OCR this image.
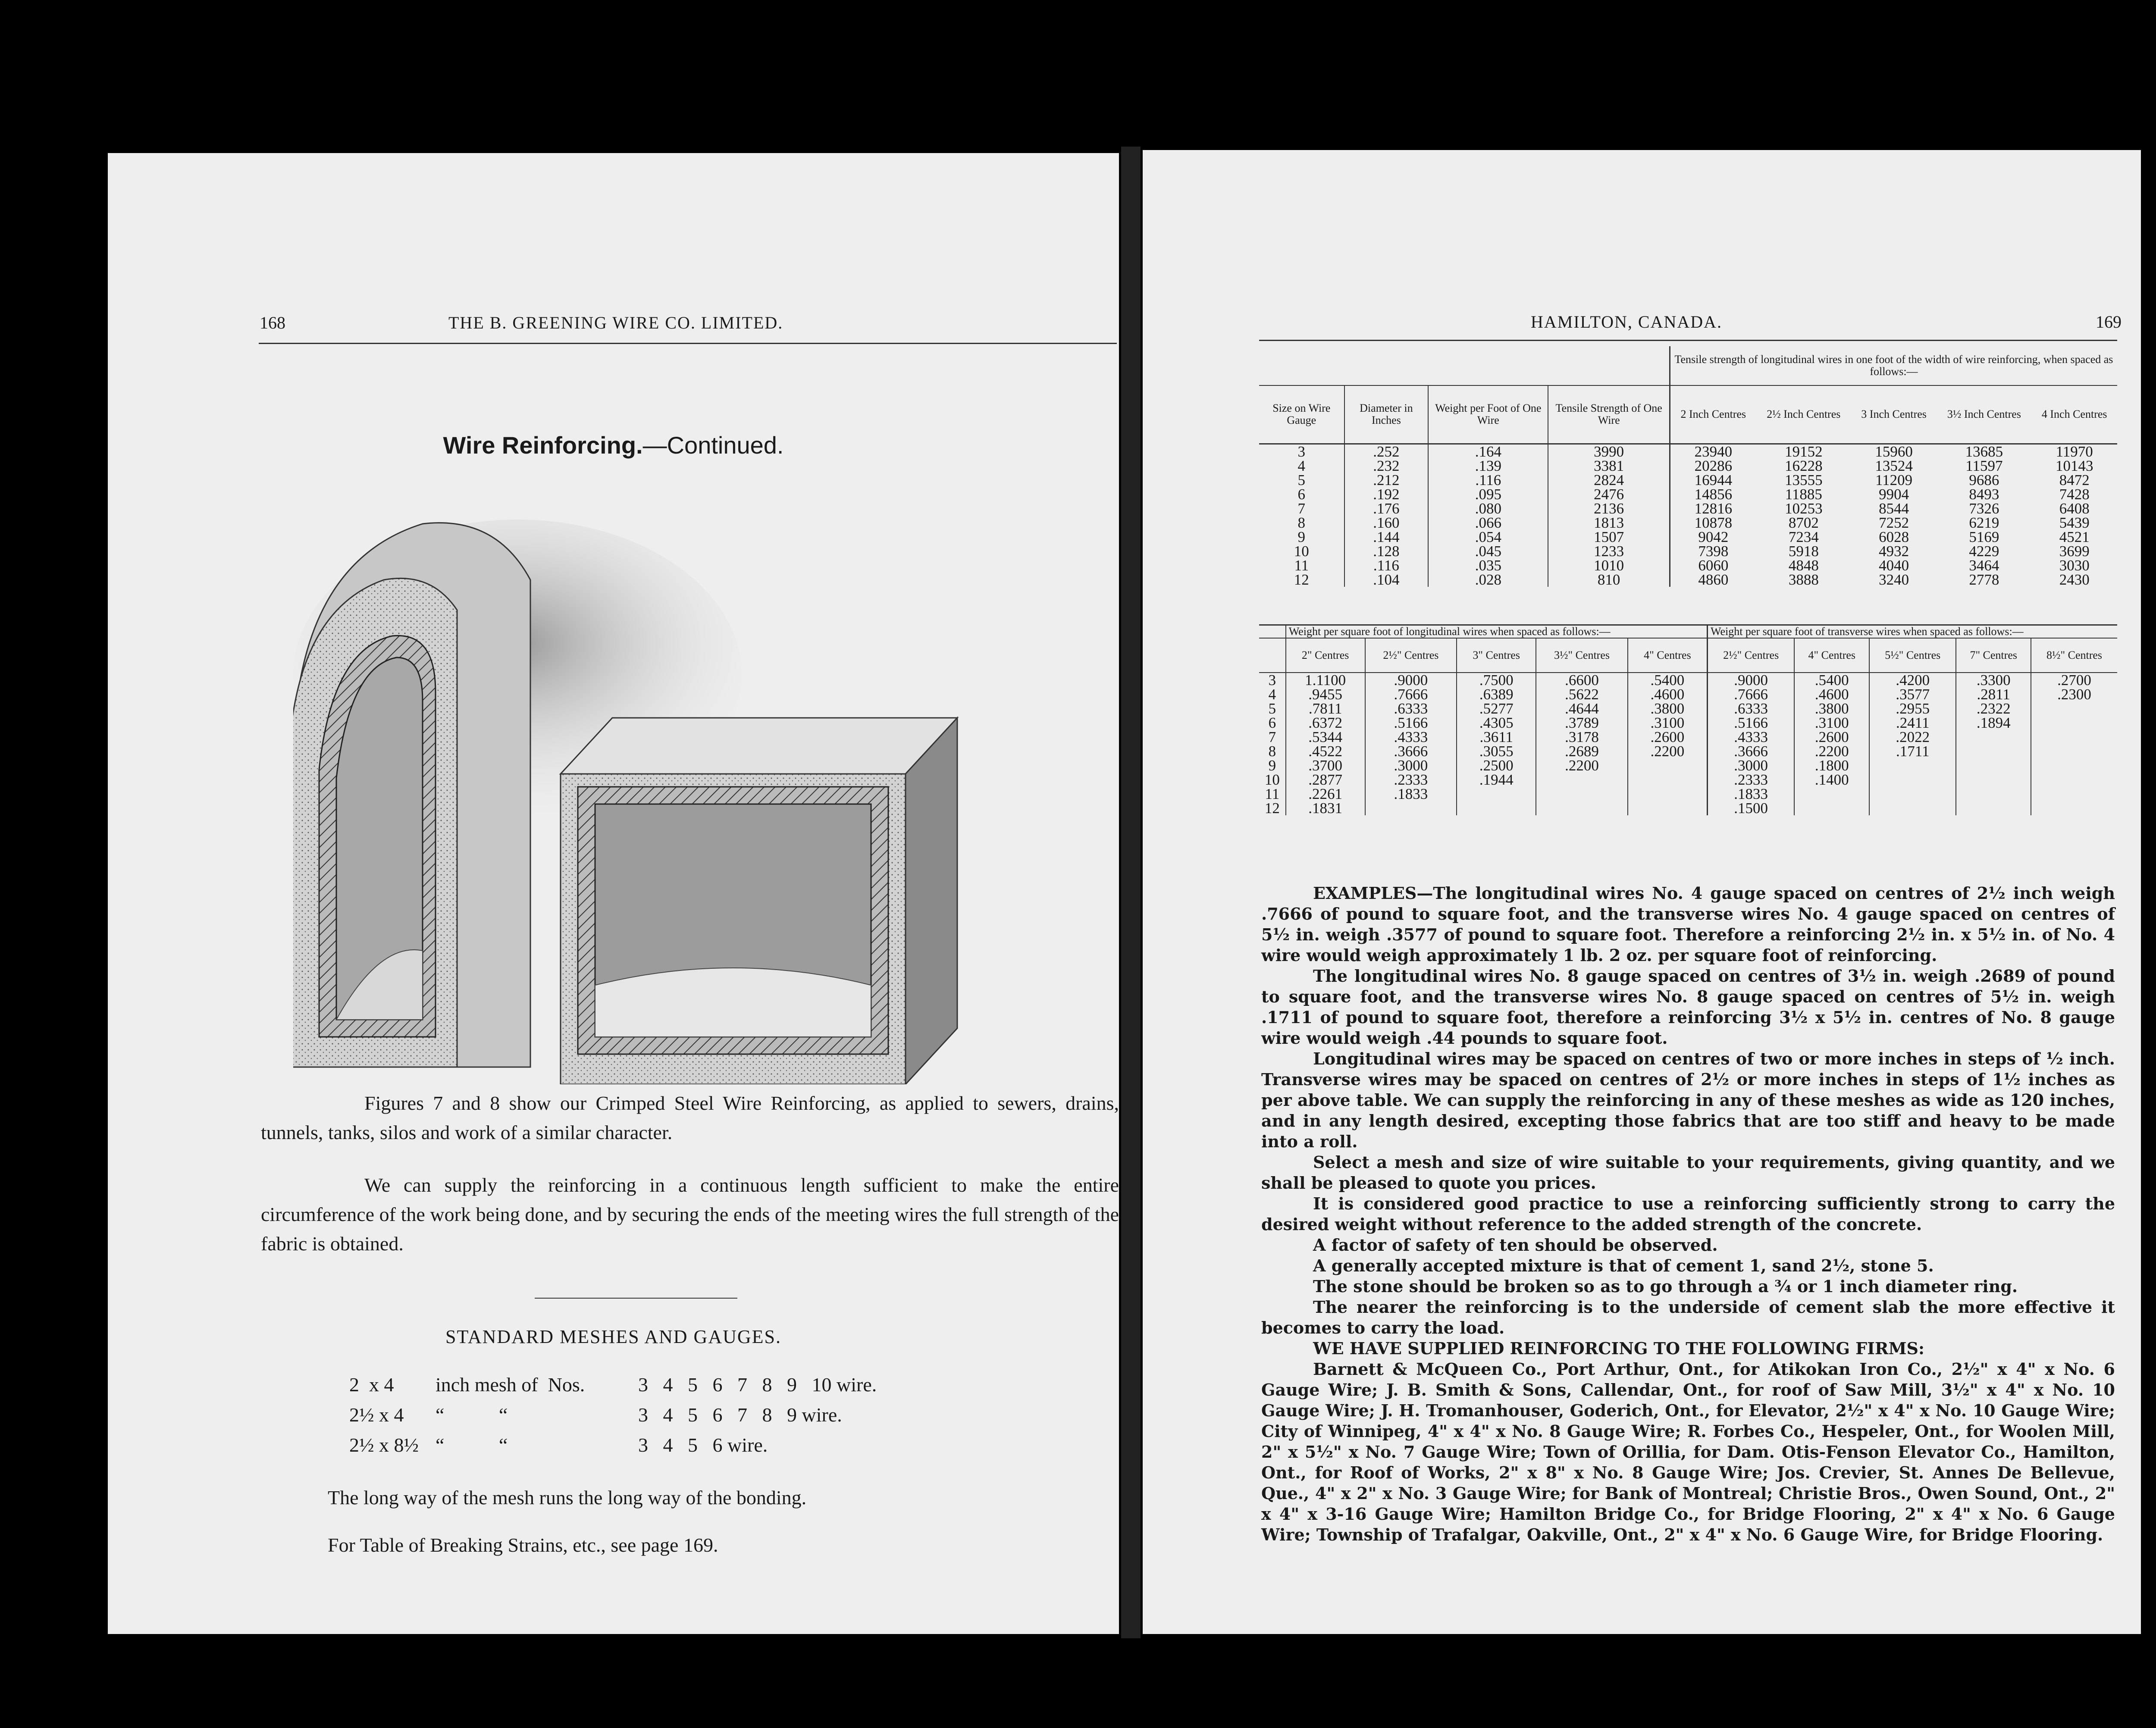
168	THE B. GREENING WIRE CO. LIMITED.
Wire Reinforcing.—Continued.
Figures 7 and 8 show our Crimped Steel Wire Reinforcing, as applied to sewers, drains, tunnels, tanks, silos and work of a similar character.
We can supply the reinforcing in a continuous length sufficient to make the entire circumference of the work being done, and by securing the ends of the meeting wires the full strength of the fabric is obtained.
STANDARD MESHES AND GAUGES.
2  x 4 inch mesh of  Nos.	3   4   5   6   7   8   9   10 wire.
2½ x 4 “           “	3   4   5   6   7   8   9 wire.
2½ x 8½ “           “	3   4   5   6 wire.
The long way of the mesh runs the long way of the bonding.
For Table of Breaking Strains, etc., see page 169.
HAMILTON, CANADA.	169
				Tensile strength of longitudinal wires in one foot of the width of wire reinforcing, when spaced as follows:—				
Size on Wire Gauge	Diameter in Inches	Weight per Foot of One Wire	Tensile Strength of One Wire	2 Inch Centres	2½ Inch Centres	3 Inch Centres	3½ Inch Centres	4 Inch Centres
3	.252	.164	3990	23940	19152	15960	13685	11970
4	.232	.139	3381	20286	16228	13524	11597	10143
5	.212	.116	2824	16944	13555	11209	9686	8472
6	.192	.095	2476	14856	11885	9904	8493	7428
7	.176	.080	2136	12816	10253	8544	7326	6408
8	.160	.066	1813	10878	8702	7252	6219	5439
9	.144	.054	1507	9042	7234	6028	5169	4521
10	.128	.045	1233	7398	5918	4932	4229	3699
11	.116	.035	1010	6060	4848	4040	3464	3030
12	.104	.028	810	4860	3888	3240	2778	2430
	Weight per square foot of longitudinal wires when spaced as follows:—					Weight per square foot of transverse wires when spaced as follows:—				
	2" Centres	2½" Centres	3" Centres	3½" Centres	4" Centres	2½" Centres	4" Centres	5½" Centres	7" Centres	8½" Centres
3	1.1100	.9000	.7500	.6600	.5400	.9000	.5400	.4200	.3300	.2700
4	.9455	.7666	.6389	.5622	.4600	.7666	.4600	.3577	.2811	.2300
5	.7811	.6333	.5277	.4644	.3800	.6333	.3800	.2955	.2322	
6	.6372	.5166	.4305	.3789	.3100	.5166	.3100	.2411	.1894	
7	.5344	.4333	.3611	.3178	.2600	.4333	.2600	.2022		
8	.4522	.3666	.3055	.2689	.2200	.3666	.2200	.1711		
9	.3700	.3000	.2500	.2200		.3000	.1800			
10	.2877	.2333	.1944			.2333	.1400			
11	.2261	.1833				.1833				
12	.1831					.1500				
EXAMPLES—The longitudinal wires No. 4 gauge spaced on centres of 2½ inch weigh .7666 of pound to square foot, and the transverse wires No. 4 gauge spaced on centres of 5½ in. weigh .3577 of pound to square foot. Therefore a reinforcing 2½ in. x 5½ in. of No. 4 wire would weigh approximately 1 lb. 2 oz. per square foot of reinforcing.
The longitudinal wires No. 8 gauge spaced on centres of 3½ in. weigh .2689 of pound to square foot, and the transverse wires No. 8 gauge spaced on centres of 5½ in. weigh .1711 of pound to square foot, therefore a reinforcing 3½ x 5½ in. centres of No. 8 gauge wire would weigh .44 pounds to square foot.
Longitudinal wires may be spaced on centres of two or more inches in steps of ½ inch. Transverse wires may be spaced on centres of 2½ or more inches in steps of 1½ inches as per above table. We can supply the reinforcing in any of these meshes as wide as 120 inches, and in any length desired, excepting those fabrics that are too stiff and heavy to be made into a roll.
Select a mesh and size of wire suitable to your requirements, giving quantity, and we shall be pleased to quote you prices.
It is considered good practice to use a reinforcing sufficiently strong to carry the desired weight without reference to the added strength of the concrete.
A factor of safety of ten should be observed.
A generally accepted mixture is that of cement 1, sand 2½, stone 5.
The stone should be broken so as to go through a ¾ or 1 inch diameter ring.
The nearer the reinforcing is to the underside of cement slab the more effective it becomes to carry the load.
WE HAVE SUPPLIED REINFORCING TO THE FOLLOWING FIRMS:
Barnett & McQueen Co., Port Arthur, Ont., for Atikokan Iron Co., 2½" x 4" x No. 6 Gauge Wire; J. B. Smith & Sons, Callendar, Ont., for roof of Saw Mill, 3½" x 4" x No. 10 Gauge Wire; J. H. Tromanhouser, Goderich, Ont., for Elevator, 2½" x 4" x No. 10 Gauge Wire; City of Winnipeg, 4" x 4" x No. 8 Gauge Wire; R. Forbes Co., Hespeler, Ont., for Woolen Mill, 2" x 5½" x No. 7 Gauge Wire; Town of Orillia, for Dam. Otis-Fenson Elevator Co., Hamilton, Ont., for Roof of Works, 2" x 8" x No. 8 Gauge Wire; Jos. Crevier, St. Annes De Bellevue, Que., 4" x 2" x No. 3 Gauge Wire; for Bank of Montreal; Christie Bros., Owen Sound, Ont., 2" x 4" x 3-16 Gauge Wire; Hamilton Bridge Co., for Bridge Flooring, 2" x 4" x No. 6 Gauge Wire; Township of Trafalgar, Oakville, Ont., 2" x 4" x No. 6 Gauge Wire, for Bridge Flooring.
